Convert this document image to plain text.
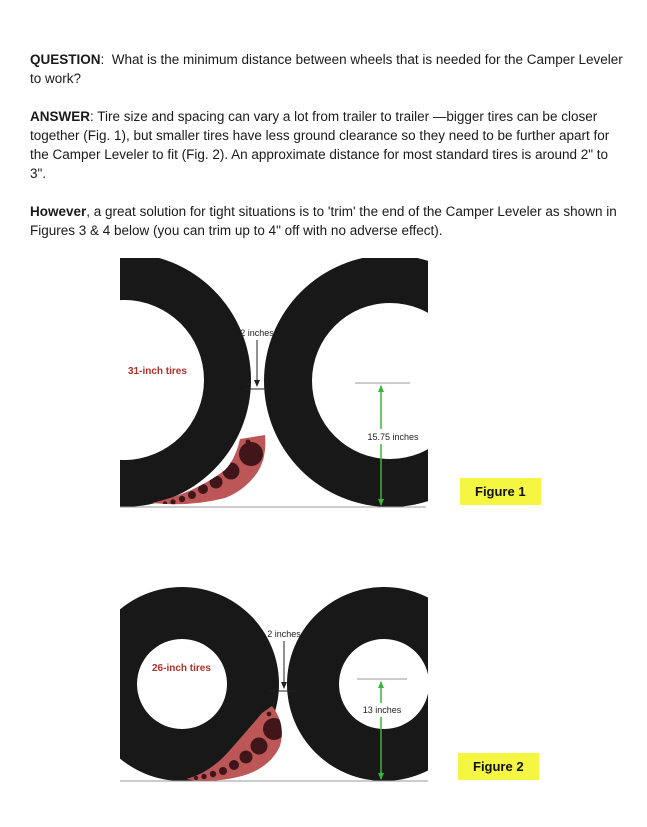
QUESTION:  What is the minimum distance between wheels that is needed for the Camper Leveler to work?

ANSWER: Tire size and spacing can vary a lot from trailer to trailer —bigger tires can be closer together (Fig. 1), but smaller tires have less ground clearance so they need to be further apart for the Camper Leveler to fit (Fig. 2). An approximate distance for most standard tires is around 2" to 3".

However, a great solution for tight situations is to 'trim' the end of the Camper Leveler as shown in Figures 3 & 4 below (you can trim up to 4" off with no adverse effect).

2 inches
15.75 inches
31-inch tires
Figure 1
2 inches
13 inches
26-inch tires
Figure 2
